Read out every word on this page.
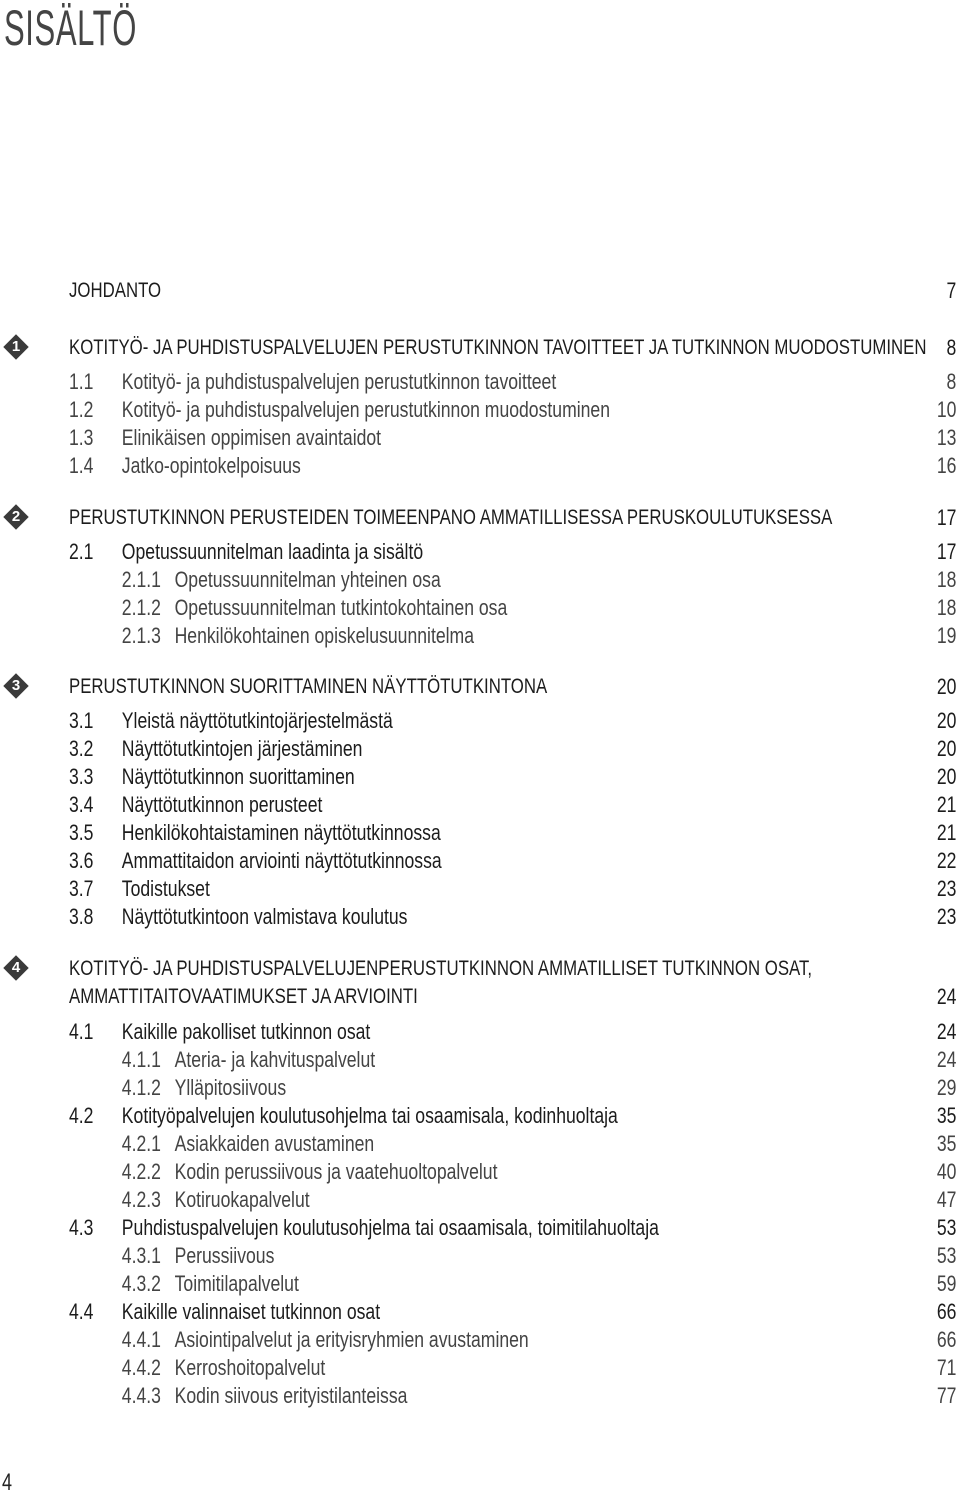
SISÄLTÖ
JOHDANTO	7
1	KOTITYÖ- JA PUHDISTUSPALVELUJEN PERUSTUTKINNON TAVOITTEET JA TUTKINNON MUODOSTUMINEN 8
1.1 Kotityö- ja puhdistuspalvelujen perustutkinnon tavoitteet	8
1.2 Kotityö- ja puhdistuspalvelujen perustutkinnon muodostuminen	10
1.3 Elinikäisen oppimisen avaintaidot	13
1.4 Jatko-opintokelpoisuus	16
2	PERUSTUTKINNON PERUSTEIDEN TOIMEENPANO AMMATILLISESSA PERUSKOULUTUKSESSA	17
2.1 Opetussuunnitelman laadinta ja sisältö	17
2.1.1 Opetussuunnitelman yhteinen osa	18
2.1.2 Opetussuunnitelman tutkintokohtainen osa	18
2.1.3 Henkilökohtainen opiskelusuunnitelma	19
3	PERUSTUTKINNON SUORITTAMINEN NÄYTTÖTUTKINTONA	20
3.1 Yleistä näyttötutkintojärjestelmästä	20
3.2 Näyttötutkintojen järjestäminen	20
3.3 Näyttötutkinnon suorittaminen	20
3.4 Näyttötutkinnon perusteet	21
3.5 Henkilökohtaistaminen näyttötutkinnossa	21
3.6 Ammattitaidon arviointi näyttötutkinnossa	22
3.7 Todistukset	23
3.8 Näyttötutkintoon valmistava koulutus	23
4	KOTITYÖ- JA PUHDISTUSPALVELUJENPERUSTUTKINNON AMMATILLISET TUTKINNON OSAT,
AMMATTITAITOVAATIMUKSET JA ARVIOINTI	24
4.1 Kaikille pakolliset tutkinnon osat	24
4.1.1 Ateria- ja kahvituspalvelut	24
4.1.2 Ylläpitosiivous	29
4.2 Kotityöpalvelujen koulutusohjelma tai osaamisala, kodinhuoltaja	35
4.2.1 Asiakkaiden avustaminen	35
4.2.2 Kodin perussiivous ja vaatehuoltopalvelut	40
4.2.3 Kotiruokapalvelut	47
4.3 Puhdistuspalvelujen koulutusohjelma tai osaamisala, toimitilahuoltaja	53
4.3.1 Perussiivous	53
4.3.2 Toimitilapalvelut	59
4.4 Kaikille valinnaiset tutkinnon osat	66
4.4.1 Asiointipalvelut ja erityisryhmien avustaminen	66
4.4.2 Kerroshoitopalvelut	71
4.4.3 Kodin siivous erityistilanteissa	77
4
